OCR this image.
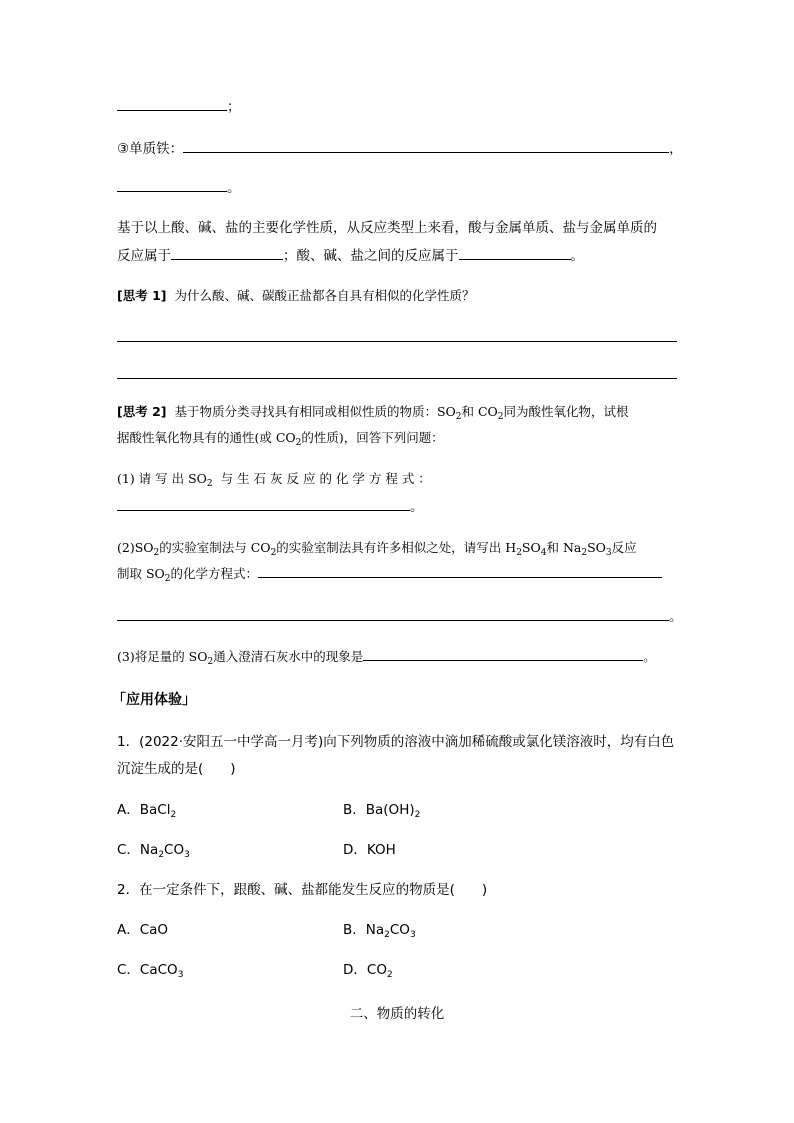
；
③单质铁：	，
。
基于以上酸、碱、盐的主要化学性质，从反应类型上来看，酸与金属单质、盐与金属单质的
反应属于	；酸、碱、盐之间的反应属于	。
[思考 1] 为什么酸、碱、碳酸正盐都各自具有相似的化学性质？
[思考 2] 基于物质分类寻找具有相同或相似性质的物质：$SO_2$和 $CO_2$同为酸性氧化物，试根
据酸性氧化物具有的通性(或 $CO_2$的性质)，回答下列问题：
(1) 请 写 出 $SO_2$ 与 生 石 灰 反 应 的 化 学 方 程 式 ：
。
$(2)SO_2$的实验室制法与 $CO_2$的实验室制法具有许多相似之处，请写出 $H_2SO_4$和 $Na_2SO_3$反应
制取 $SO_2$的化学方程式：
。
(3)将足量的 $SO_2$通入澄清石灰水中的现象是	。
「应用体验」
1．(2022·安阳五一中学高一月考)向下列物质的溶液中滴加稀硫酸或氯化镁溶液时，均有白色
沉淀生成的是(　　)
A．BaCl$_2$	B．$Ba(OH)_2$
C．$Na_2CO_3$	D．KOH
2．在一定条件下，跟酸、碱、盐都能发生反应的物质是(　　)
A．CaO	B．$Na_2CO_3$
C．CaCO$_3$	D．$CO_2$
二、物质的转化
